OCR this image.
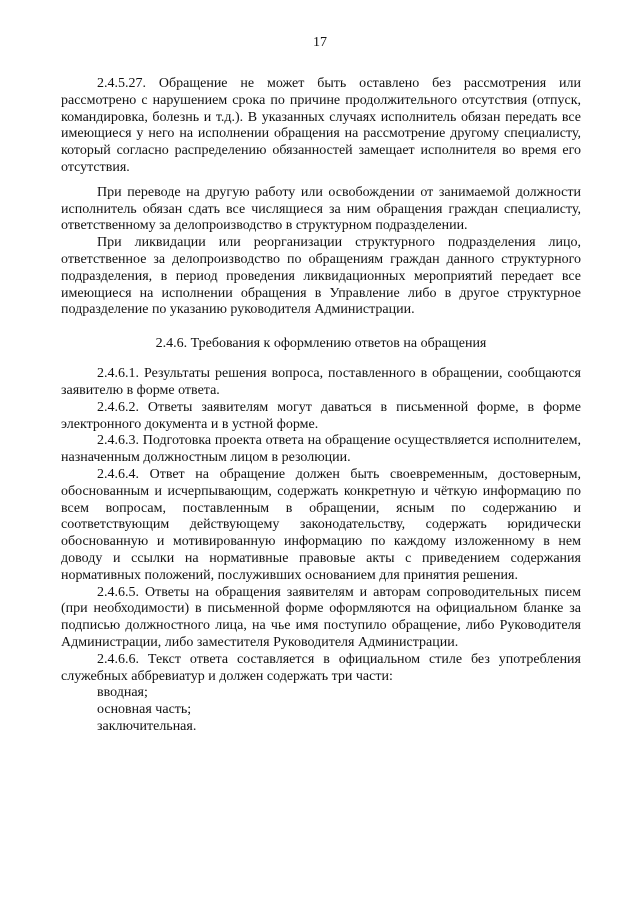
17

2.4.5.27. Обращение не может быть оставлено без рассмотрения или рассмотрено с нарушением срока по причине продолжительного отсутствия (отпуск, командировка, болезнь и т.д.). В указанных случаях исполнитель обязан передать все имеющиеся у него на исполнении обращения на рассмотрение другому специалисту, который согласно распределению обязанностей замещает исполнителя во время его отсутствия.

При переводе на другую работу или освобождении от занимаемой должности исполнитель обязан сдать все числящиеся за ним обращения граждан специалисту, ответственному за делопроизводство в структурном подразделении.

При ликвидации или реорганизации структурного подразделения лицо, ответственное за делопроизводство по обращениям граждан данного структурного подразделения, в период проведения ликвидационных мероприятий передает все имеющиеся на исполнении обращения в Управление либо в другое структурное подразделение по указанию руководителя Администрации.

2.4.6. Требования к оформлению ответов на обращения

2.4.6.1. Результаты решения вопроса, поставленного в обращении, сообщаются заявителю в форме ответа.

2.4.6.2. Ответы заявителям могут даваться в письменной форме, в форме электронного документа и в устной форме.

2.4.6.3. Подготовка проекта ответа на обращение осуществляется исполнителем, назначенным должностным лицом в резолюции.

2.4.6.4. Ответ на обращение должен быть своевременным, достоверным, обоснованным и исчерпывающим, содержать конкретную и чёткую информацию по всем вопросам, поставленным в обращении, ясным по содержанию и соответствующим действующему законодательству, содержать юридически обоснованную и мотивированную информацию по каждому изложенному в нем доводу и ссылки на нормативные правовые акты с приведением содержания нормативных положений, послуживших основанием для принятия решения.

2.4.6.5. Ответы на обращения заявителям и авторам сопроводительных писем (при необходимости) в письменной форме оформляются на официальном бланке за подписью должностного лица, на чье имя поступило обращение, либо Руководителя Администрации, либо заместителя Руководителя Администрации.

2.4.6.6. Текст ответа составляется в официальном стиле без употребления служебных аббревиатур и должен содержать три части:

вводная;

основная часть;

заключительная.
